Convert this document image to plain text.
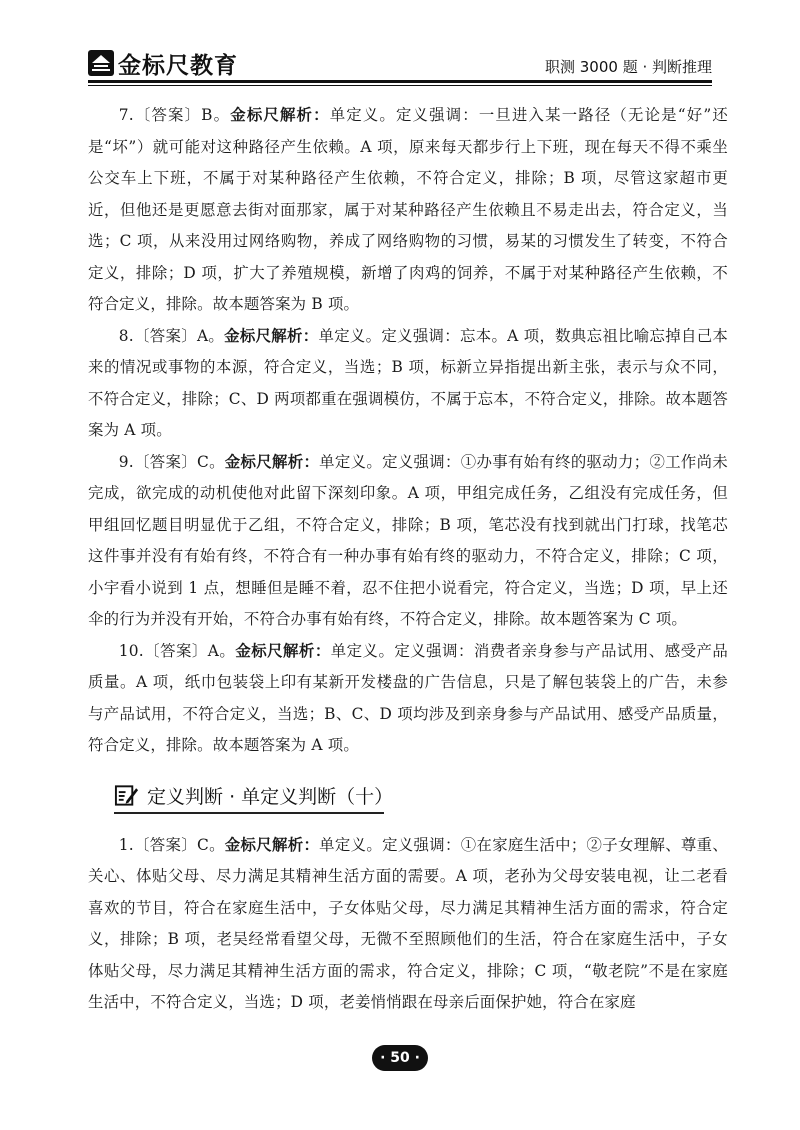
金标尺教育	职测 3000 题 · 判断推理

7.〔答案〕B。金标尺解析：单定义。定义强调：一旦进入某一路径（无论是“好”还是“坏”）就可能对这种路径产生依赖。A 项，原来每天都步行上下班，现在每天不得不乘坐公交车上下班，不属于对某种路径产生依赖，不符合定义，排除；B 项，尽管这家超市更近，但他还是更愿意去街对面那家，属于对某种路径产生依赖且不易走出去，符合定义，当选；C 项，从来没用过网络购物，养成了网络购物的习惯，易某的习惯发生了转变，不符合定义，排除；D 项，扩大了养殖规模，新增了肉鸡的饲养，不属于对某种路径产生依赖，不符合定义，排除。故本题答案为 B 项。

8.〔答案〕A。金标尺解析：单定义。定义强调：忘本。A 项，数典忘祖比喻忘掉自己本来的情况或事物的本源，符合定义，当选；B 项，标新立异指提出新主张，表示与众不同，不符合定义，排除；C、D 两项都重在强调模仿，不属于忘本，不符合定义，排除。故本题答案为 A 项。

9.〔答案〕C。金标尺解析：单定义。定义强调：①办事有始有终的驱动力；②工作尚未完成，欲完成的动机使他对此留下深刻印象。A 项，甲组完成任务，乙组没有完成任务，但甲组回忆题目明显优于乙组，不符合定义，排除；B 项，笔芯没有找到就出门打球，找笔芯这件事并没有有始有终，不符合有一种办事有始有终的驱动力，不符合定义，排除；C 项，小宇看小说到 1 点，想睡但是睡不着，忍不住把小说看完，符合定义，当选；D 项，早上还伞的行为并没有开始，不符合办事有始有终，不符合定义，排除。故本题答案为 C 项。

10.〔答案〕A。金标尺解析：单定义。定义强调：消费者亲身参与产品试用、感受产品质量。A 项，纸巾包装袋上印有某新开发楼盘的广告信息，只是了解包装袋上的广告，未参与产品试用，不符合定义，当选；B、C、D 项均涉及到亲身参与产品试用、感受产品质量，符合定义，排除。故本题答案为 A 项。

定义判断 · 单定义判断（十）

1.〔答案〕C。金标尺解析：单定义。定义强调：①在家庭生活中；②子女理解、尊重、关心、体贴父母、尽力满足其精神生活方面的需要。A 项，老孙为父母安装电视，让二老看喜欢的节目，符合在家庭生活中，子女体贴父母，尽力满足其精神生活方面的需求，符合定义，排除；B 项，老吴经常看望父母，无微不至照顾他们的生活，符合在家庭生活中，子女体贴父母，尽力满足其精神生活方面的需求，符合定义，排除；C 项，“敬老院”不是在家庭生活中，不符合定义，当选；D 项，老姜悄悄跟在母亲后面保护她，符合在家庭

· 50 ·
